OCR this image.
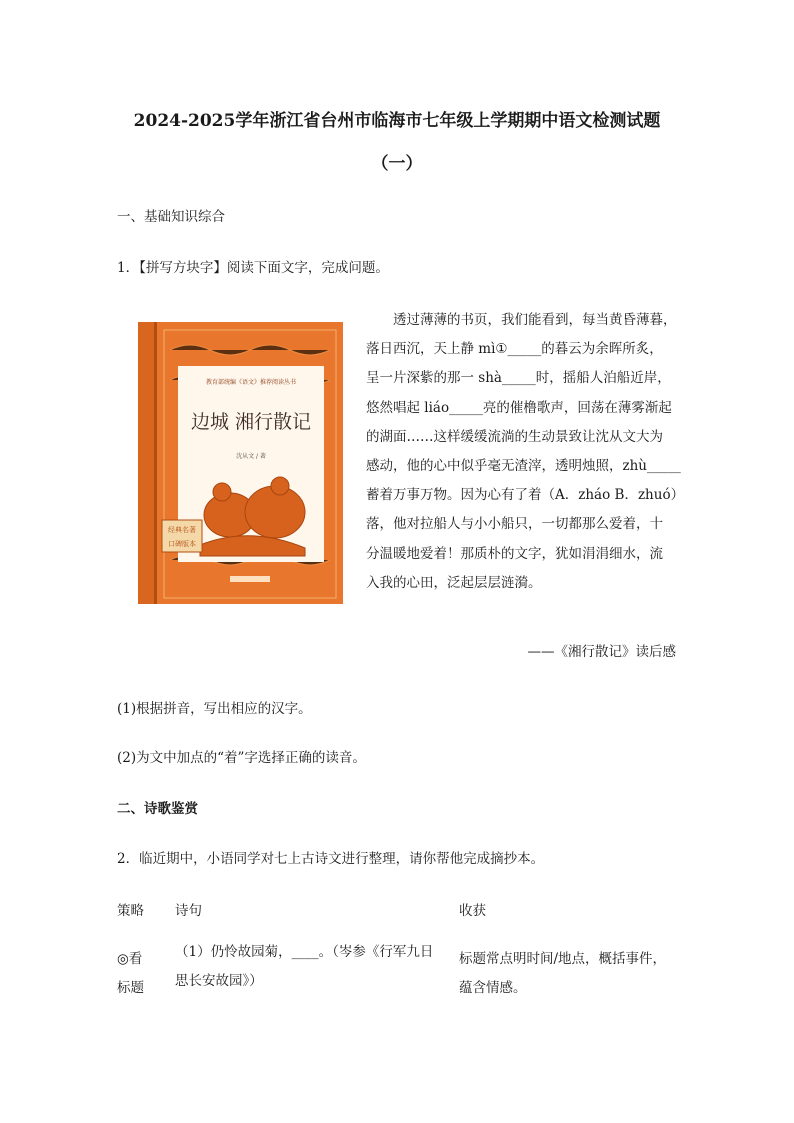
2024-2025学年浙江省台州市临海市七年级上学期期中语文检测试题
（一）
一、基础知识综合
1．【拼写方块字】阅读下面文字，完成问题。
教育部统编《语文》推荐阅读丛书
边城 湘行散记
沈从文 / 著
经典名著
口碑版本

透过薄薄的书页，我们能看到，每当黄昏薄暮，

落日西沉，天上静 mì①_____的暮云为余晖所炙，

呈一片深紫的那一 shà_____时，摇船人泊船近岸，

悠然唱起 liáo_____亮的催橹歌声，回荡在薄雾渐起

的湖面……这样缓缓流淌的生动景致让沈从文大为

感动，他的心中似乎毫无渣滓，透明烛照，zhù_____

蓄着万事万物。因为心有了着（A．zháo B．zhuó）

落，他对拉船人与小小船只，一切都那么爱着，十

分温暖地爱着！那质朴的文字，犹如涓涓细水，流

入我的心田，泛起层层涟漪。

——《湘行散记》读后感
(1)根据拼音，写出相应的汉字。
(2)为文中加点的“着”字选择正确的读音。
二、诗歌鉴赏
2．临近期中，小语同学对七上古诗文进行整理，请你帮他完成摘抄本。
策略 诗句	收获
◎看
标题
（1）仍怜故园菊，____。（岑参《行军九日
思长安故园》）
标题常点明时间/地点，概括事件，
蕴含情感。
